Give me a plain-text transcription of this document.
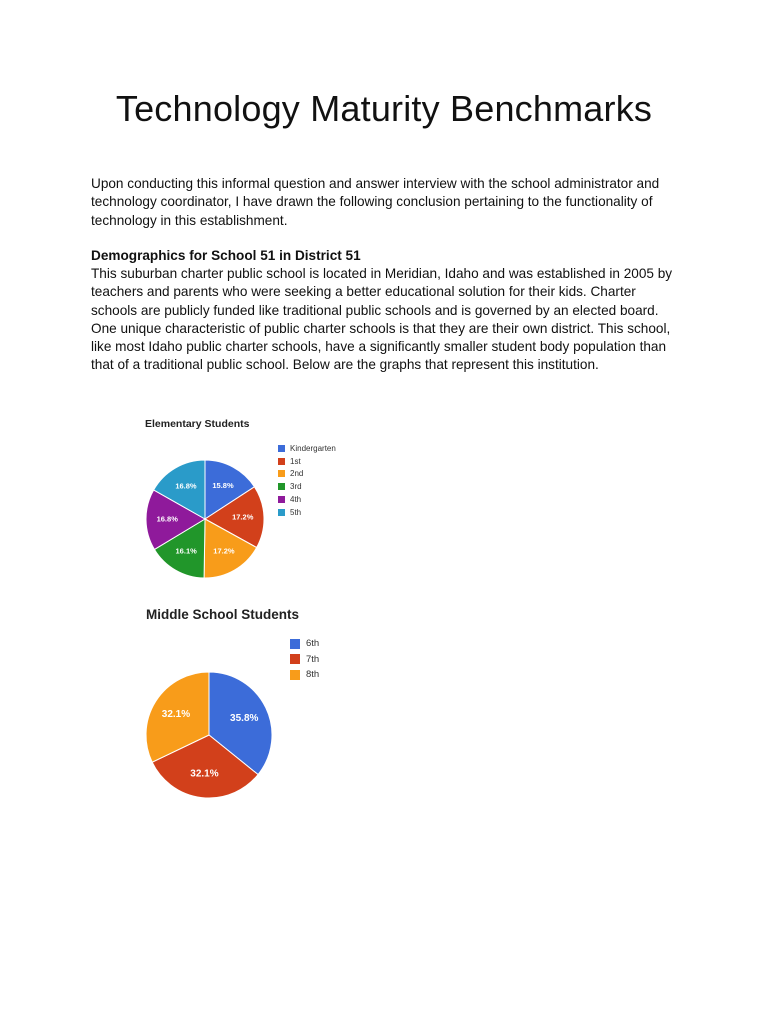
Technology Maturity Benchmarks

Upon conducting this informal question and answer interview with the school administrator and technology coordinator, I have drawn the following conclusion pertaining to the functionality of technology in this establishment.

Demographics for School 51 in District 51

This suburban charter public school is located in Meridian, Idaho and was established in 2005 by teachers and parents who were seeking a better educational solution for their kids. Charter schools are publicly funded like traditional public schools and is governed by an elected board. One unique characteristic of public charter schools is that they are their own district. This school, like most Idaho public charter schools, have a significantly smaller student body population than that of a traditional public school. Below are the graphs that represent this institution.

Elementary Students
15.8%
17.2%
17.2%
16.1%
16.8%
16.8%
Kindergarten
1st
2nd
3rd
4th
5th
Middle School Students
35.8%
32.1%
32.1%
6th
7th
8th
